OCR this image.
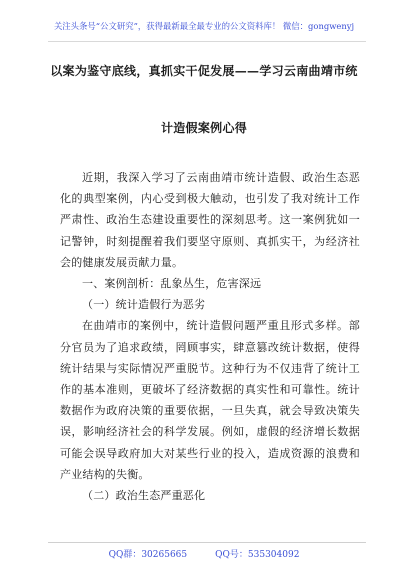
关注头条号“公文研究”，获得最新最全最专业的公文资料库！ 微信：gongwenyj
以案为鉴守底线，真抓实干促发展——学习云南曲靖市统
计造假案例心得

近期，我深入学习了云南曲靖市统计造假、政治生态恶化的典型案例，内心受到极大触动，也引发了我对统计工作严肃性、政治生态建设重要性的深刻思考。这一案例犹如一记警钟，时刻提醒着我们要坚守原则、真抓实干，为经济社会的健康发展贡献力量。

一、案例剖析：乱象丛生，危害深远

（一）统计造假行为恶劣

在曲靖市的案例中，统计造假问题严重且形式多样。部分官员为了追求政绩，罔顾事实，肆意篡改统计数据，使得统计结果与实际情况严重脱节。这种行为不仅违背了统计工作的基本准则，更破坏了经济数据的真实性和可靠性。统计数据作为政府决策的重要依据，一旦失真，就会导致决策失误，影响经济社会的科学发展。例如，虚假的经济增长数据可能会误导政府加大对某些行业的投入，造成资源的浪费和产业结构的失衡。

（二）政治生态严重恶化

QQ群：30265665	QQ号：535304092
